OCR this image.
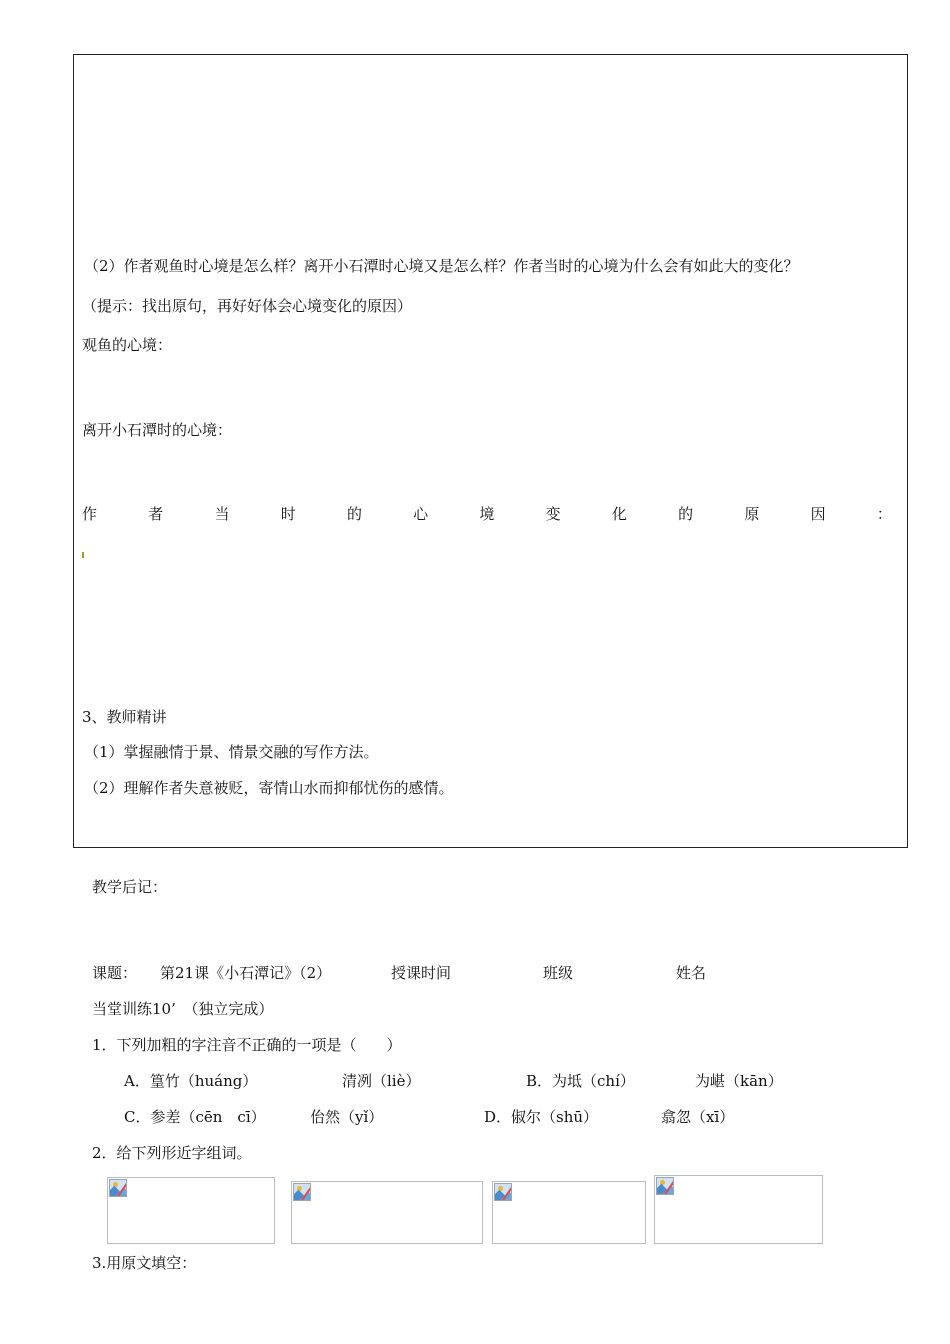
（2）作者观鱼时心境是怎么样？离开小石潭时心境又是怎么样？作者当时的心境为什么会有如此大的变化？
（提示：找出原句，再好好体会心境变化的原因）
观鱼的心境：
离开小石潭时的心境：
作	者	当	时	的	心	境	变	化	的	原	因	：
3、教师精讲
（1）掌握融情于景、情景交融的写作方法。
（2）理解作者失意被贬，寄情山水而抑郁忧伤的感情。
教学后记：
课题： 第21课《小石潭记》（2）	授课时间	班级	姓名
当堂训练10’　（独立完成）
1．下列加粗的字注音不正确的一项是（　　）
A．篁竹（huáng）	清冽（liè）	B．为坻（chí）	为嵁（kān）
C．参差（cēn　cī）	佁然（yǐ）	D．俶尔（shū）	翕忽（xī）
2．给下列形近字组词。
3.用原文填空：
